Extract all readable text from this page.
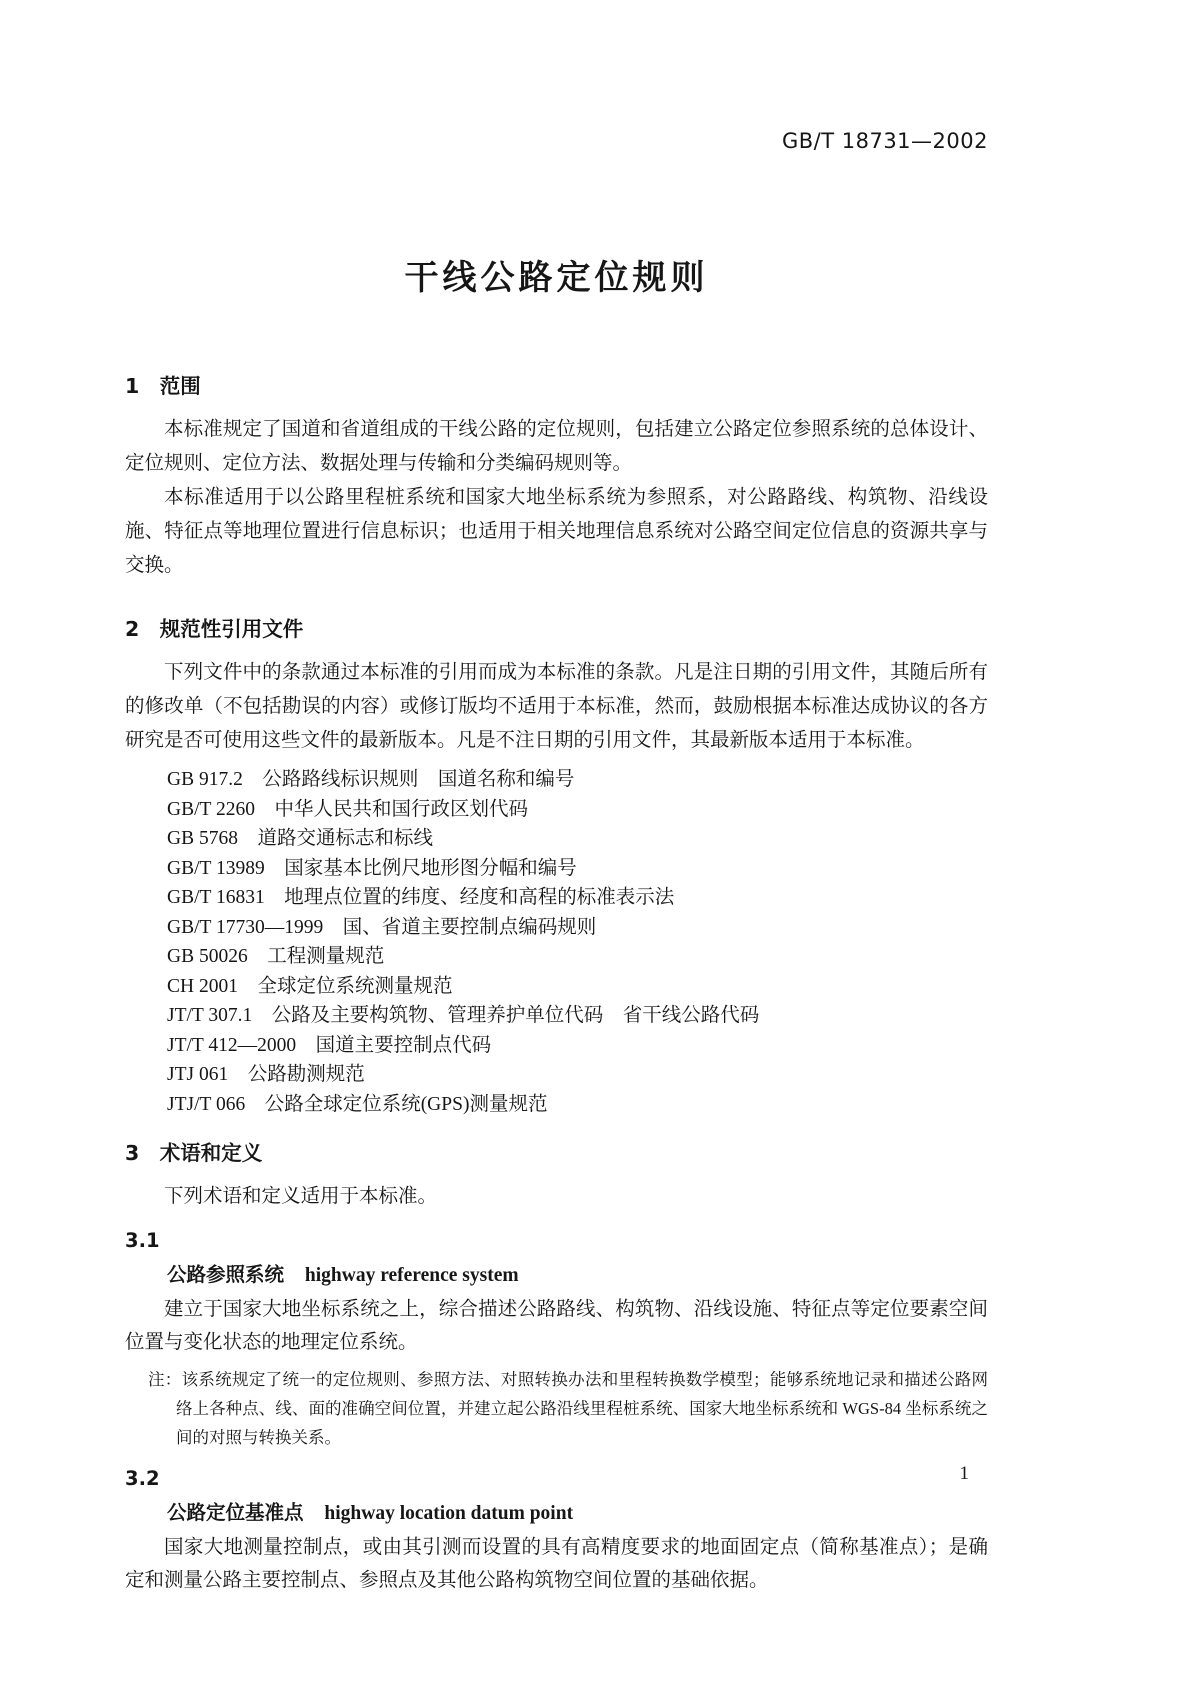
GB/T 18731—2002
干线公路定位规则
1　范围

本标准规定了国道和省道组成的干线公路的定位规则，包括建立公路定位参照系统的总体设计、定位规则、定位方法、数据处理与传输和分类编码规则等。

本标准适用于以公路里程桩系统和国家大地坐标系统为参照系，对公路路线、构筑物、沿线设施、特征点等地理位置进行信息标识；也适用于相关地理信息系统对公路空间定位信息的资源共享与交换。

2　规范性引用文件

下列文件中的条款通过本标准的引用而成为本标准的条款。凡是注日期的引用文件，其随后所有的修改单（不包括勘误的内容）或修订版均不适用于本标准，然而，鼓励根据本标准达成协议的各方研究是否可使用这些文件的最新版本。凡是不注日期的引用文件，其最新版本适用于本标准。

GB 917.2　公路路线标识规则　国道名称和编号
GB/T 2260　中华人民共和国行政区划代码
GB 5768　道路交通标志和标线
GB/T 13989　国家基本比例尺地形图分幅和编号
GB/T 16831　地理点位置的纬度、经度和高程的标准表示法
GB/T 17730—1999　国、省道主要控制点编码规则
GB 50026　工程测量规范
CH 2001　全球定位系统测量规范
JT/T 307.1　公路及主要构筑物、管理养护单位代码　省干线公路代码
JT/T 412—2000　国道主要控制点代码
JTJ 061　公路勘测规范
JTJ/T 066　公路全球定位系统(GPS)测量规范
3　术语和定义

下列术语和定义适用于本标准。

3.1
公路参照系统 highway reference system

建立于国家大地坐标系统之上，综合描述公路路线、构筑物、沿线设施、特征点等定位要素空间位置与变化状态的地理定位系统。

注：该系统规定了统一的定位规则、参照方法、对照转换办法和里程转换数学模型；能够系统地记录和描述公路网络上各种点、线、面的准确空间位置，并建立起公路沿线里程桩系统、国家大地坐标系统和 WGS-84 坐标系统之间的对照与转换关系。
3.2
公路定位基准点 highway location datum point

国家大地测量控制点，或由其引测而设置的具有高精度要求的地面固定点（简称基准点）；是确定和测量公路主要控制点、参照点及其他公路构筑物空间位置的基础依据。

1
